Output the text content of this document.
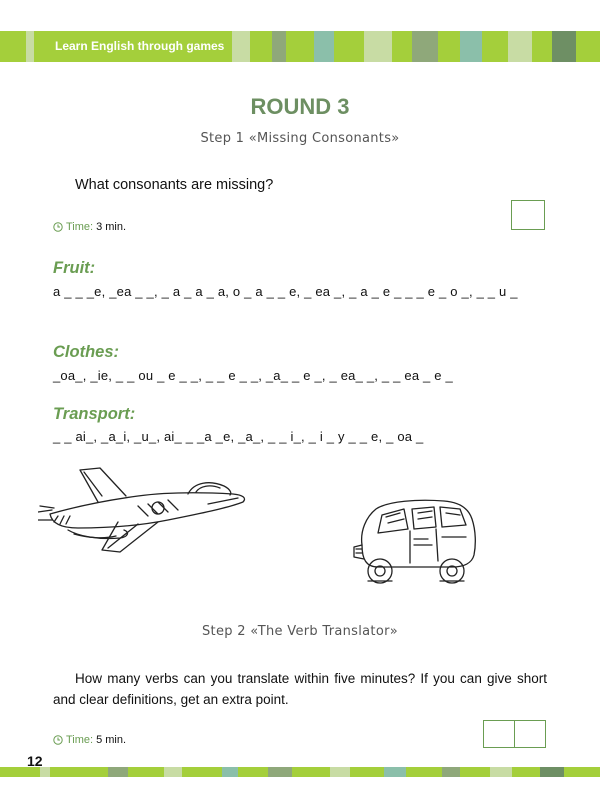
Learn English through games
ROUND 3
Step 1 «Missing Consonants»
What consonants are missing?
Time: 3 min.
Fruit:
a _ _ _e, _ea _ _, _ a _ a _ a, o _ a _ _ e, _ ea _, _ a _ e _ _ _ e _ o _, _ _ u _
Clothes:
_oa_, _ie, _ _ ou _ e _ _, _ _ e _ _, _a_ _ e _, _ ea_ _, _ _ ea _ e _
Transport:
_ _ ai_, _a_i, _u_, ai_ _ _a _e, _a_, _ _ i_, _ i _ y _ _ e, _ oa _
Step 2 «The Verb Translator»
How many verbs can you translate within five minutes? If you can give short and clear definitions, get an extra point.
Time: 5 min.
12
